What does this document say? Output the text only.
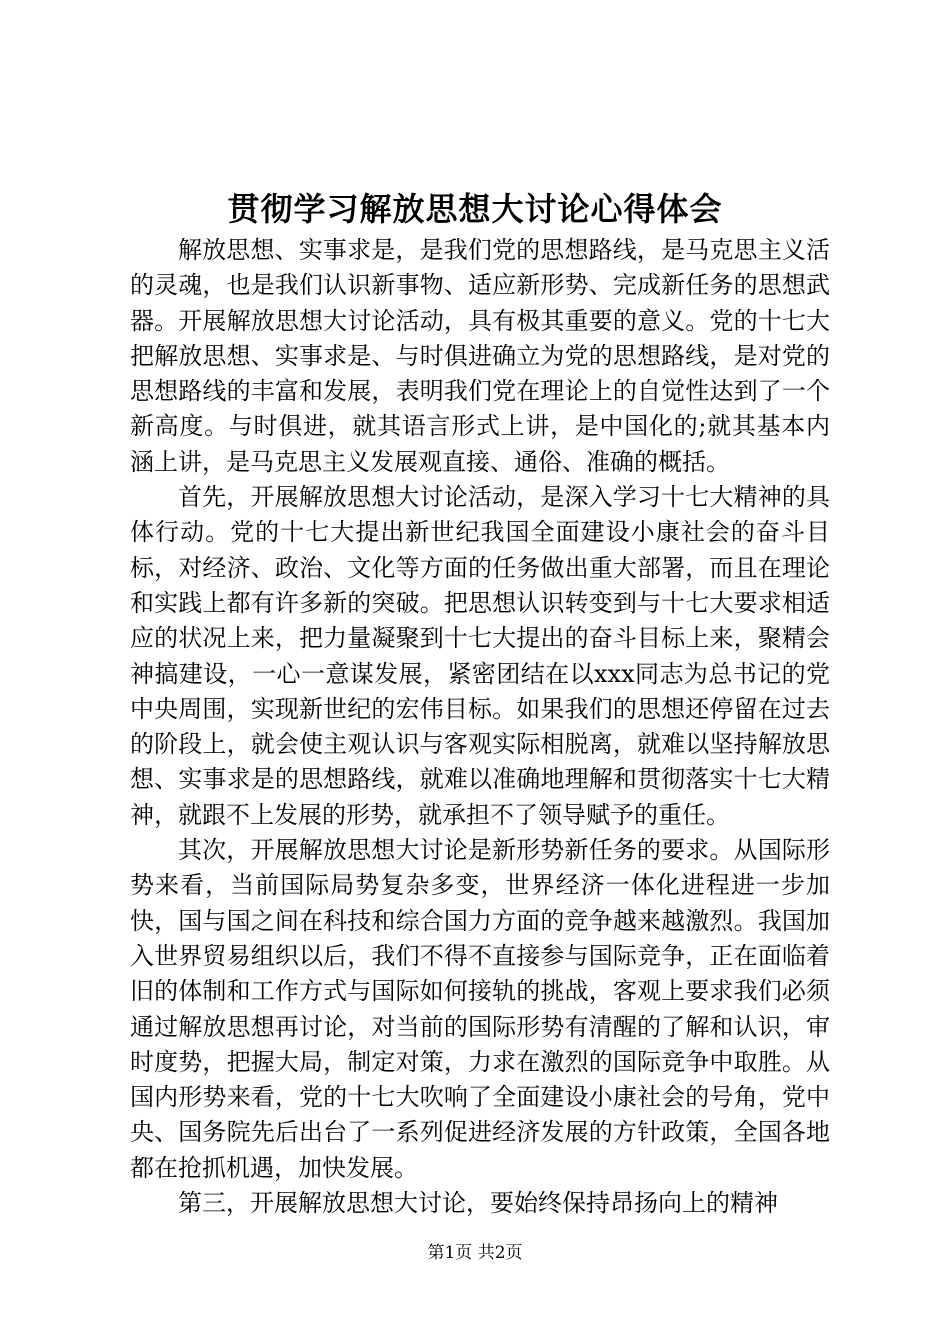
贯彻学习解放思想大讨论心得体会

解放思想、实事求是，是我们党的思想路线，是马克思主义活的灵魂，也是我们认识新事物、适应新形势、完成新任务的思想武器。开展解放思想大讨论活动，具有极其重要的意义。党的十七大把解放思想、实事求是、与时俱进确立为党的思想路线，是对党的思想路线的丰富和发展，表明我们党在理论上的自觉性达到了一个新高度。与时俱进，就其语言形式上讲，是中国化的;就其基本内涵上讲，是马克思主义发展观直接、通俗、准确的概括。

首先，开展解放思想大讨论活动，是深入学习十七大精神的具体行动。党的十七大提出新世纪我国全面建设小康社会的奋斗目标，对经济、政治、文化等方面的任务做出重大部署，而且在理论和实践上都有许多新的突破。把思想认识转变到与十七大要求相适应的状况上来，把力量凝聚到十七大提出的奋斗目标上来，聚精会神搞建设，一心一意谋发展，紧密团结在以xxx同志为总书记的党中央周围，实现新世纪的宏伟目标。如果我们的思想还停留在过去的阶段上，就会使主观认识与客观实际相脱离，就难以坚持解放思想、实事求是的思想路线，就难以准确地理解和贯彻落实十七大精神，就跟不上发展的形势，就承担不了领导赋予的重任。

其次，开展解放思想大讨论是新形势新任务的要求。从国际形势来看，当前国际局势复杂多变，世界经济一体化进程进一步加快，国与国之间在科技和综合国力方面的竞争越来越激烈。我国加入世界贸易组织以后，我们不得不直接参与国际竞争，正在面临着旧的体制和工作方式与国际如何接轨的挑战，客观上要求我们必须通过解放思想再讨论，对当前的国际形势有清醒的了解和认识，审时度势，把握大局，制定对策，力求在激烈的国际竞争中取胜。从国内形势来看，党的十七大吹响了全面建设小康社会的号角，党中央、国务院先后出台了一系列促进经济发展的方针政策，全国各地都在抢抓机遇，加快发展。

第三，开展解放思想大讨论，要始终保持昂扬向上的精神

第1页 共2页
